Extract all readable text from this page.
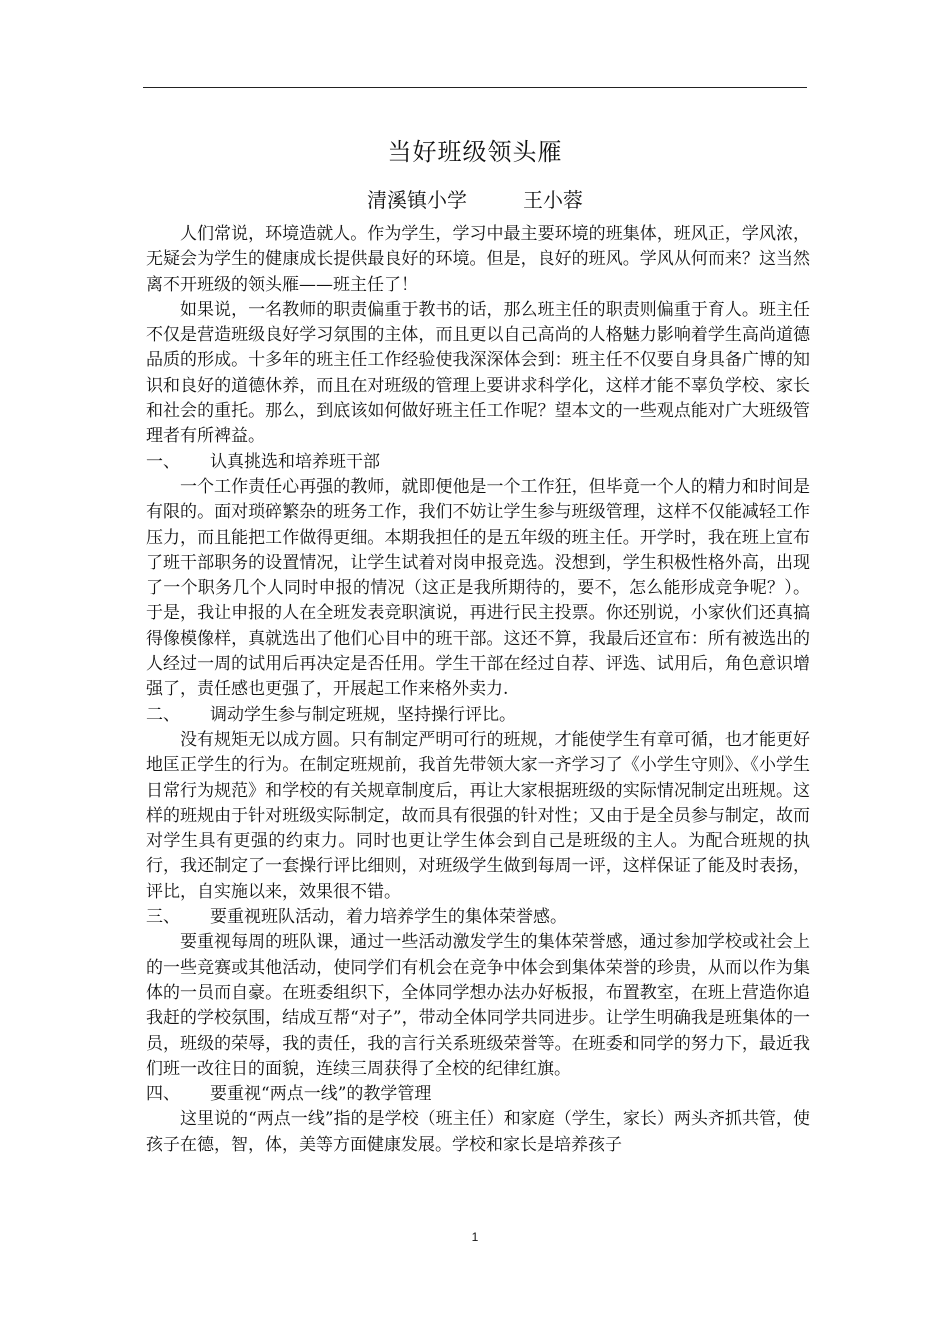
当好班级领头雁
清溪镇小学	王小蓉

人们常说，环境造就人。作为学生，学习中最主要环境的班集体，班风正，学风浓，无疑会为学生的健康成长提供最良好的环境。但是，良好的班风。学风从何而来？这当然离不开班级的领头雁——班主任了！

如果说，一名教师的职责偏重于教书的话，那么班主任的职责则偏重于育人。班主任不仅是营造班级良好学习氛围的主体，而且更以自己高尚的人格魅力影响着学生高尚道德品质的形成。十多年的班主任工作经验使我深深体会到：班主任不仅要自身具备广博的知识和良好的道德休养，而且在对班级的管理上要讲求科学化，这样才能不辜负学校、家长和社会的重托。那么，到底该如何做好班主任工作呢？望本文的一些观点能对广大班级管理者有所裨益。

一、	认真挑选和培养班干部

一个工作责任心再强的教师，就即便他是一个工作狂，但毕竟一个人的精力和时间是有限的。面对琐碎繁杂的班务工作，我们不妨让学生参与班级管理，这样不仅能减轻工作压力，而且能把工作做得更细。本期我担任的是五年级的班主任。开学时，我在班上宣布了班干部职务的设置情况，让学生试着对岗申报竞选。没想到，学生积极性格外高，出现了一个职务几个人同时申报的情况（这正是我所期待的，要不，怎么能形成竞争呢？）。于是，我让申报的人在全班发表竞职演说，再进行民主投票。你还别说，小家伙们还真搞得像模像样，真就选出了他们心目中的班干部。这还不算，我最后还宣布：所有被选出的人经过一周的试用后再决定是否任用。学生干部在经过自荐、评选、试用后，角色意识增强了，责任感也更强了，开展起工作来格外卖力.

二、	调动学生参与制定班规，坚持操行评比。

没有规矩无以成方圆。只有制定严明可行的班规，才能使学生有章可循，也才能更好地匡正学生的行为。在制定班规前，我首先带领大家一齐学习了《小学生守则》、《小学生日常行为规范》和学校的有关规章制度后，再让大家根据班级的实际情况制定出班规。这样的班规由于针对班级实际制定，故而具有很强的针对性；又由于是全员参与制定，故而对学生具有更强的约束力。同时也更让学生体会到自己是班级的主人。为配合班规的执行，我还制定了一套操行评比细则，对班级学生做到每周一评，这样保证了能及时表扬，评比，自实施以来，效果很不错。

三、	要重视班队活动，着力培养学生的集体荣誉感。

要重视每周的班队课，通过一些活动激发学生的集体荣誉感，通过参加学校或社会上的一些竞赛或其他活动，使同学们有机会在竞争中体会到集体荣誉的珍贵，从而以作为集体的一员而自豪。在班委组织下，全体同学想办法办好板报，布置教室，在班上营造你追我赶的学校氛围，结成互帮“对子”，带动全体同学共同进步。让学生明确我是班集体的一员，班级的荣辱，我的责任，我的言行关系班级荣誉等。在班委和同学的努力下，最近我们班一改往日的面貌，连续三周获得了全校的纪律红旗。

四、	要重视“两点一线”的教学管理

这里说的“两点一线”指的是学校（班主任）和家庭（学生，家长）两头齐抓共管，使孩子在德，智，体，美等方面健康发展。学校和家长是培养孩子

1
